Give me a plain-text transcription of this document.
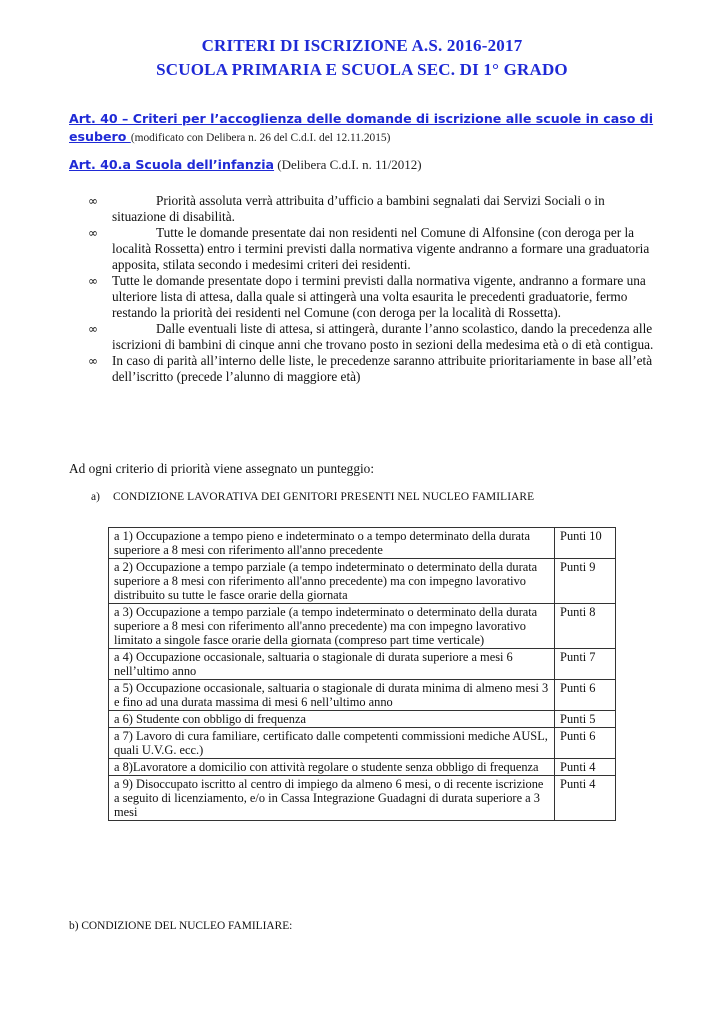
CRITERI DI ISCRIZIONE A.S. 2016-2017
SCUOLA PRIMARIA E SCUOLA SEC. DI 1° GRADO
Art. 40 – Criteri per l’accoglienza delle domande di iscrizione alle scuole in caso di esubero (modificato con Delibera n. 26 del C.d.I. del 12.11.2015)
Art. 40.a Scuola dell’infanzia (Delibera C.d.I. n. 11/2012)
∞	Priorità assoluta verrà attribuita d’ufficio a bambini segnalati dai Servizi Sociali o in situazione di disabilità.
∞	Tutte le domande presentate dai non residenti nel Comune di Alfonsine (con deroga per la località Rossetta) entro i termini previsti dalla normativa vigente andranno a formare una graduatoria apposita, stilata secondo i medesimi criteri dei residenti.
∞ Tutte le domande presentate dopo i termini previsti dalla normativa vigente, andranno a formare una ulteriore lista di attesa, dalla quale si attingerà una volta esaurita le precedenti graduatorie, fermo restando la priorità dei residenti nel Comune (con deroga per la località di Rossetta).
∞	Dalle eventuali liste di attesa, si attingerà, durante l’anno scolastico, dando la precedenza alle iscrizioni di bambini di cinque anni che trovano posto in sezioni della medesima età o di età contigua.
∞ In caso di parità all’interno delle liste, le precedenze saranno attribuite prioritariamente in base all’età dell’iscritto (precede l’alunno di maggiore età)
Ad ogni criterio di priorità viene assegnato un punteggio:
a) CONDIZIONE LAVORATIVA DEI GENITORI PRESENTI NEL NUCLEO FAMILIARE
a 1) Occupazione a tempo pieno e indeterminato o a tempo determinato della durata superiore a 8 mesi con riferimento all'anno precedente	Punti 10
a 2) Occupazione a tempo parziale (a tempo indeterminato o determinato della durata superiore a 8 mesi con riferimento all'anno precedente) ma con impegno lavorativo distribuito su tutte le fasce orarie della giornata	Punti 9
a 3) Occupazione a tempo parziale (a tempo indeterminato o determinato della durata superiore a 8 mesi con riferimento all'anno precedente) ma con impegno lavorativo limitato a singole fasce orarie della giornata (compreso part time verticale)	Punti 8
a 4) Occupazione occasionale, saltuaria o stagionale di durata superiore a mesi 6 nell’ultimo anno	Punti 7
a 5) Occupazione occasionale, saltuaria o stagionale di durata minima di almeno mesi 3 e fino ad una durata massima di mesi 6 nell’ultimo anno	Punti 6
a 6) Studente con obbligo di frequenza	Punti 5
a 7) Lavoro di cura familiare, certificato dalle competenti commissioni mediche AUSL, quali U.V.G. ecc.)	Punti 6
a 8)Lavoratore a domicilio con attività regolare o studente senza obbligo di frequenza	Punti 4
a 9) Disoccupato iscritto al centro di impiego da almeno 6 mesi, o di recente iscrizione a seguito di licenziamento, e/o in Cassa Integrazione Guadagni di durata superiore a 3 mesi	Punti 4
b) CONDIZIONE DEL NUCLEO FAMILIARE:
